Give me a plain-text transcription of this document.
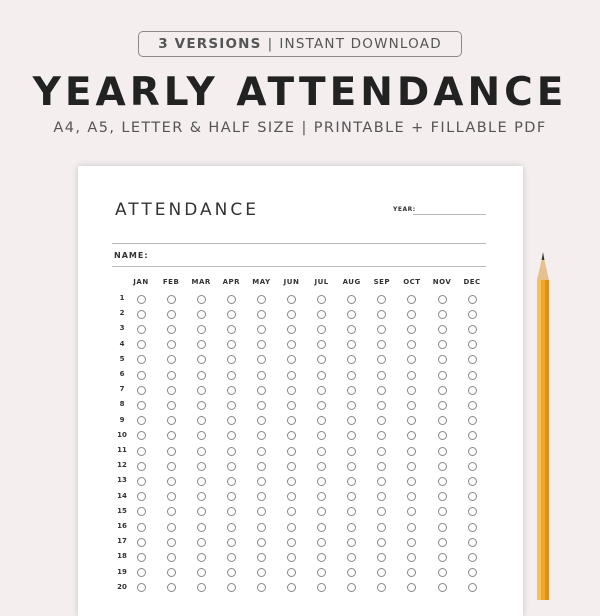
3 VERSIONS | INSTANT DOWNLOAD
YEARLY ATTENDANCE
A4, A5, LETTER & HALF SIZE | PRINTABLE + FILLABLE PDF
ATTENDANCE	YEAR:
NAME:
JAN	FEB	MAR	APR	MAY	JUN	JUL	AUG	SEP	OCT	NOV	DEC
1
2
3
4
5
6
7
8
9
10
11
12
13
14
15
16
17
18
19
20
